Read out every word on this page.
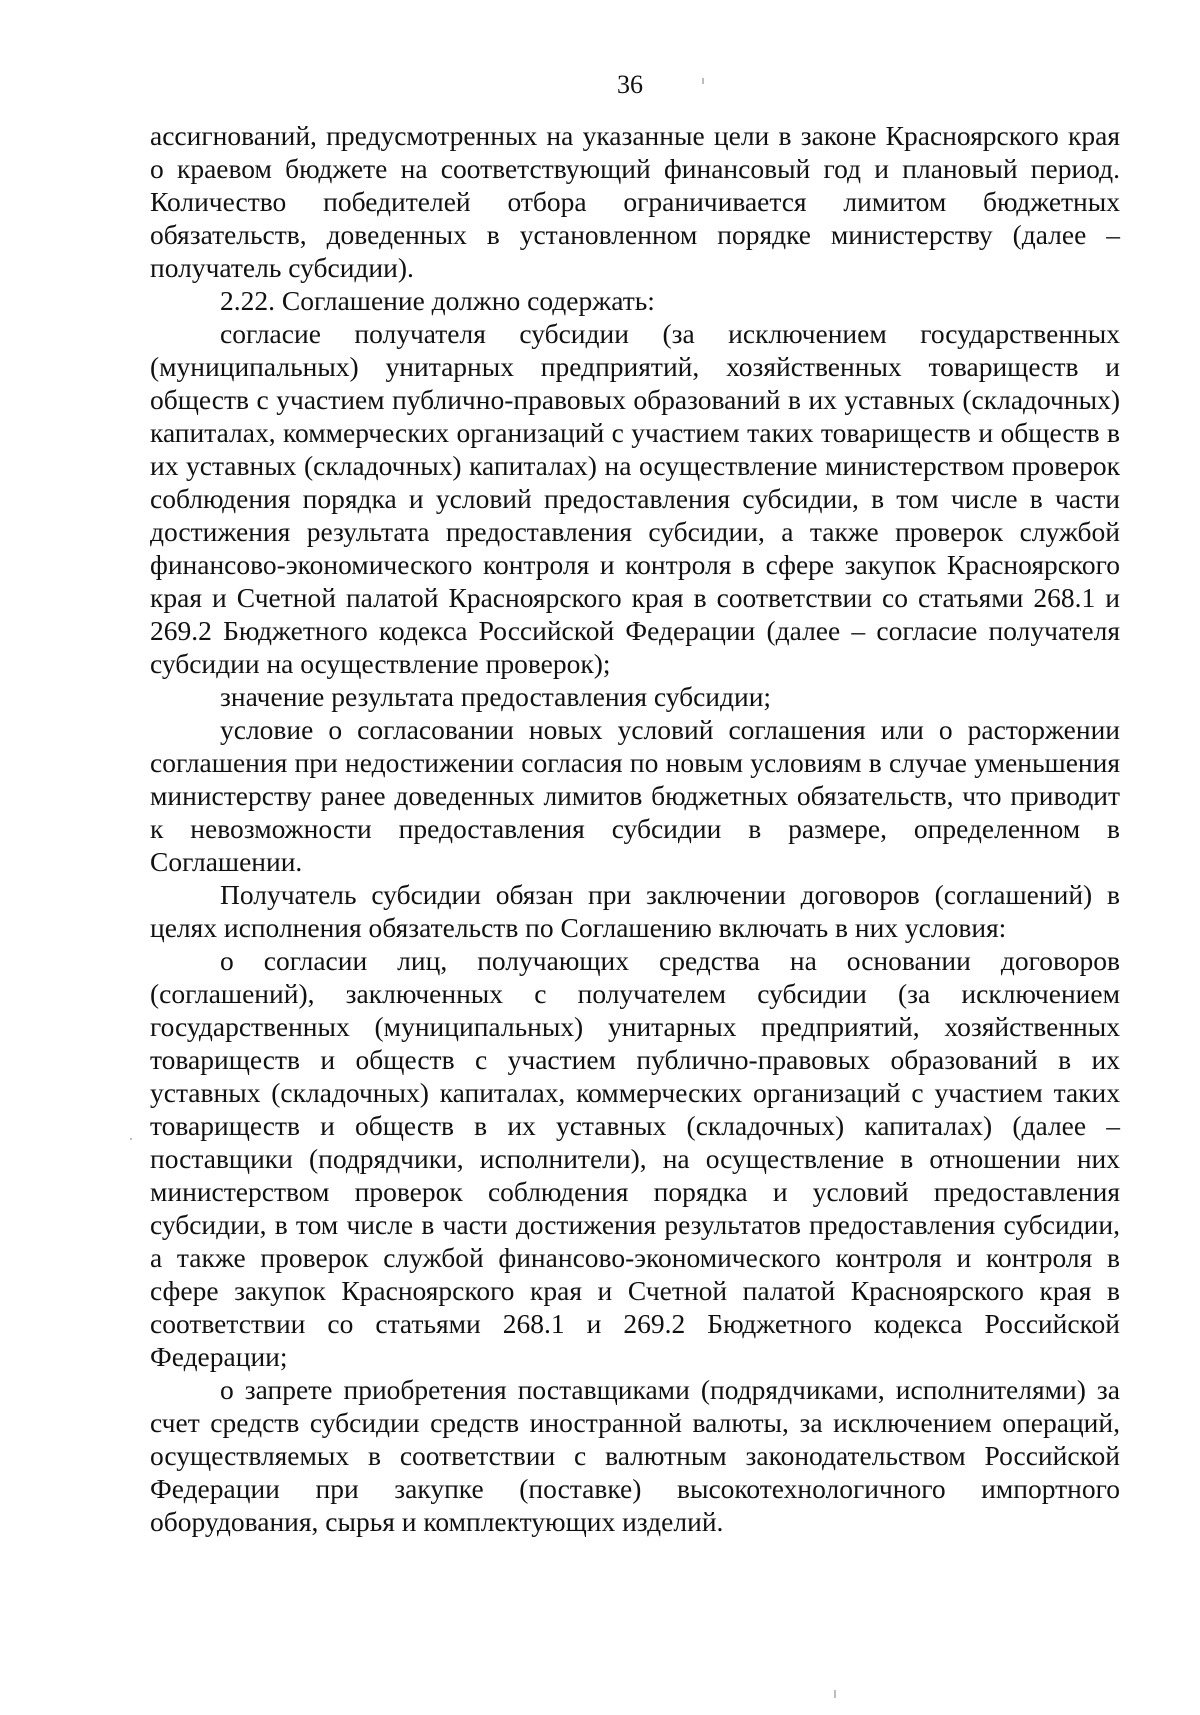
36

ассигнований, предусмотренных на указанные цели в законе Красноярского края о краевом бюджете на соответствующий финансовый год и плановый период. Количество победителей отбора ограничивается лимитом бюджетных обязательств, доведенных в установленном порядке министерству (далее – получатель субсидии).

2.22. Соглашение должно содержать:

согласие получателя субсидии (за исключением государственных (муниципальных) унитарных предприятий, хозяйственных товариществ и обществ с участием публично-правовых образований в их уставных (складочных) капиталах, коммерческих организаций с участием таких товариществ и обществ в их уставных (складочных) капиталах) на осуществление министерством проверок соблюдения порядка и условий предоставления субсидии, в том числе в части достижения результата предоставления субсидии, а также проверок службой финансово-экономического контроля и контроля в сфере закупок Красноярского края и Счетной палатой Красноярского края в соответствии со статьями 268.1 и 269.2 Бюджетного кодекса Российской Федерации (далее – согласие получателя субсидии на осуществление проверок);

значение результата предоставления субсидии;

условие о согласовании новых условий соглашения или о расторжении соглашения при недостижении согласия по новым условиям в случае уменьшения министерству ранее доведенных лимитов бюджетных обязательств, что приводит к невозможности предоставления субсидии в размере, определенном в Соглашении.

Получатель субсидии обязан при заключении договоров (соглашений) в целях исполнения обязательств по Соглашению включать в них условия:

о согласии лиц, получающих средства на основании договоров (соглашений), заключенных с получателем субсидии (за исключением государственных (муниципальных) унитарных предприятий, хозяйственных товариществ и обществ с участием публично-правовых образований в их уставных (складочных) капиталах, коммерческих организаций с участием таких товариществ и обществ в их уставных (складочных) капиталах) (далее – поставщики (подрядчики, исполнители), на осуществление в отношении них министерством проверок соблюдения порядка и условий предоставления субсидии, в том числе в части достижения результатов предоставления субсидии, а также проверок службой финансово-экономического контроля и контроля в сфере закупок Красноярского края и Счетной палатой Красноярского края в соответствии со статьями 268.1 и 269.2 Бюджетного кодекса Российской Федерации;

о запрете приобретения поставщиками (подрядчиками, исполнителями) за счет средств субсидии средств иностранной валюты, за исключением операций, осуществляемых в соответствии с валютным законодательством Российской Федерации при закупке (поставке) высокотехнологичного импортного оборудования, сырья и комплектующих изделий.
